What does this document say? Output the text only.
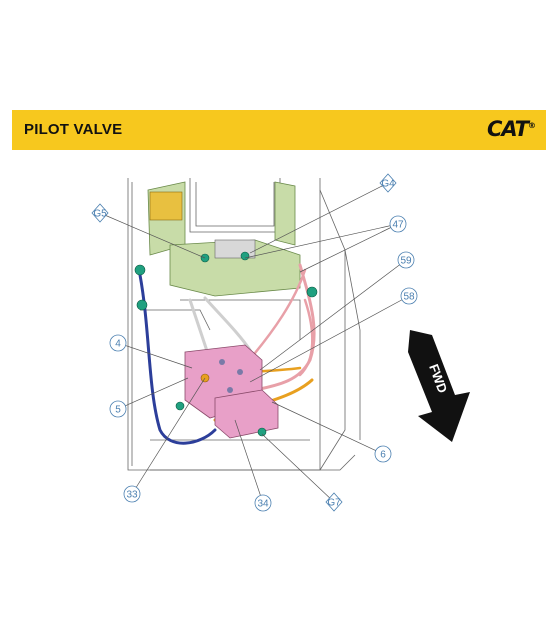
PILOT VALVE	CAT®
G5
G4
47
59
58
4
5
6
33
34	G7
FWD
